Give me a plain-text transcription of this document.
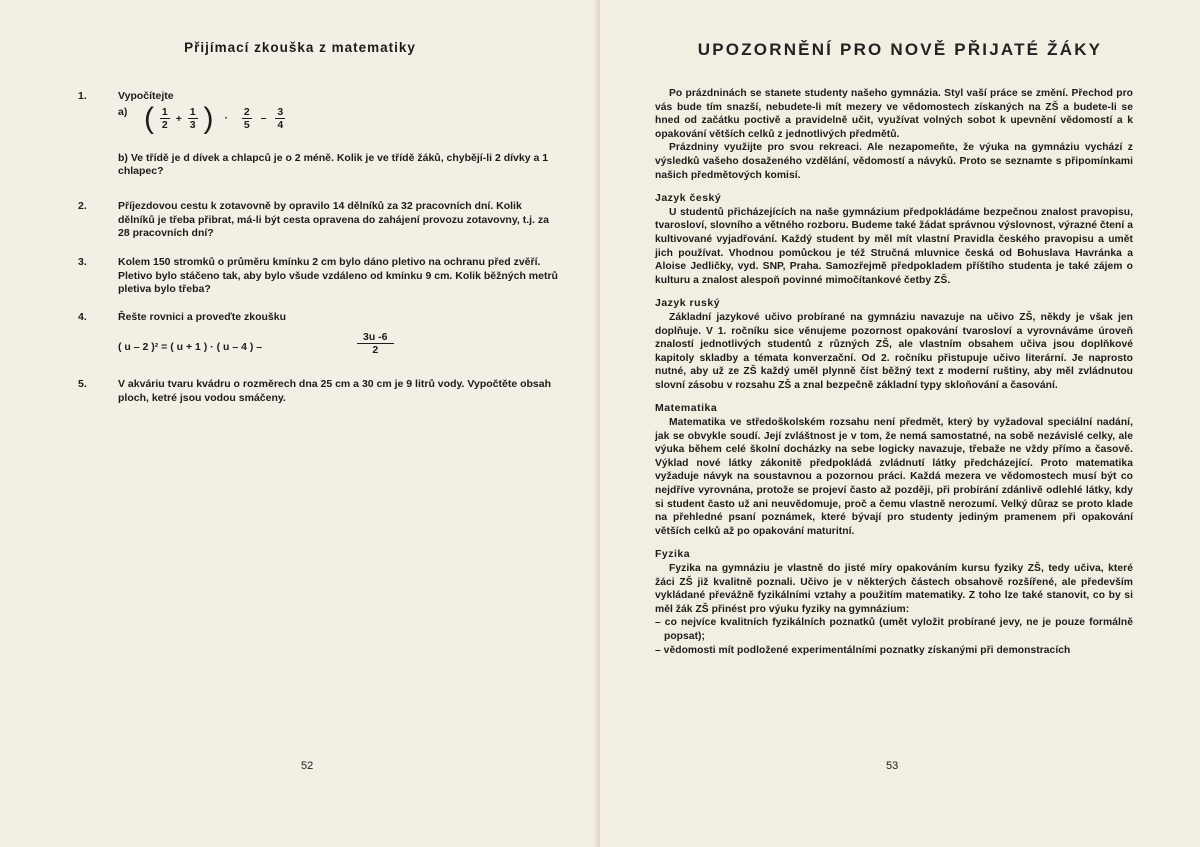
Přijímací zkouška z matematiky
1.	Vypočítejte
a) ( $\frac{1}{2} + \frac{1}{3}$ ) · $\frac{2}{5} - \frac{3}{4}$
b) Ve třídě je d dívek a chlapců je o 2 méně. Kolik je ve třídě žáků, chybějí-li 2 dívky a 1 chlapec?
2.	Příjezdovou cestu k zotavovně by opravilo 14 dělníků za 32 pracovních dní. Kolik dělníků je třeba přibrat, má-li být cesta opravena do zahájení provozu zotavovny, t.j. za 28 pracovních dní?
3.	Kolem 150 stromků o průměru kmínku 2 cm bylo dáno pletivo na ochranu před zvěří. Pletivo bylo stáčeno tak, aby bylo všude vzdáleno od kmínku 9 cm. Kolik běžných metrů pletiva bylo třeba?
4.	Řešte rovnici a proveďte zkoušku
( u – 2 )² = ( u + 1 ) · ( u – 4 ) –	$\frac{3u -6}{2}$
5.	V akváriu tvaru kvádru o rozměrech dna 25 cm a 30 cm je 9 litrů vody. Vypočtěte obsah ploch, ketré jsou vodou smáčeny.
52
UPOZORNĚNÍ PRO NOVĚ PŘIJATÉ ŽÁKY

Po prázdninách se stanete studenty našeho gymnázia. Styl vaší práce se změní. Přechod pro vás bude tím snazší, nebudete-li mít mezery ve vědomostech získaných na ZŠ a budete-li se hned od začátku poctivě a pravidelně učit, využívat volných sobot k upevnění vědomostí a k opakování větších celků z jednotlivých předmětů.

Prázdniny využijte pro svou rekreaci. Ale nezapomeňte, že výuka na gymnáziu vychází z výsledků vašeho dosaženého vzdělání, vědomostí a návyků. Proto se seznamte s připomínkami našich předmětových komisí.

Jazyk český

U studentů přicházejících na naše gymnázium předpokládáme bezpečnou znalost pravopisu, tvarosloví, slovního a větného rozboru. Budeme také žádat správnou výslovnost, výrazné čtení a kultivované vyjadřování. Každý student by měl mít vlastní Pravidla českého pravopisu a umět jich používat. Vhodnou pomůckou je též Stručná mluvnice česká od Bohuslava Havránka a Aloise Jedličky, vyd. SNP, Praha. Samozřejmě předpokladem příštího studenta je také zájem o kulturu a znalost alespoň povinné mimočítankové četby ZŠ.

Jazyk ruský

Základní jazykové učivo probírané na gymnáziu navazuje na učivo ZŠ, někdy je však jen doplňuje. V 1. ročníku sice věnujeme pozornost opakování tvarosloví a vyrovnáváme úroveň znalostí jednotlivých studentů z různých ZŠ, ale vlastním obsahem učiva jsou doplňkové kapitoly skladby a témata konverzační. Od 2. ročníku přistupuje učivo literární. Je naprosto nutné, aby už ze ZŠ každý uměl plynně číst běžný text z moderní ruštiny, aby měl zvládnutou slovní zásobu v rozsahu ZŠ a znal bezpečně základní typy skloňování a časování.

Matematika

Matematika ve středoškolském rozsahu není předmět, který by vyžadoval speciální nadání, jak se obvykle soudí. Její zvláštnost je v tom, že nemá samostatné, na sobě nezávislé celky, ale výuka během celé školní docházky na sebe logicky navazuje, třebaže ne vždy přímo a časově. Výklad nové látky zákonitě předpokládá zvládnutí látky předcházející. Proto matematika vyžaduje návyk na soustavnou a pozornou práci. Každá mezera ve vědomostech musí být co nejdříve vyrovnána, protože se projeví často až později, při probírání zdánlivě odlehlé látky, kdy si student často už ani neuvědomuje, proč a čemu vlastně nerozumí. Velký důraz se proto klade na přehledné psaní poznámek, které bývají pro studenty jediným pramenem při opakování větších celků až po opakování maturitní.

Fyzika

Fyzika na gymnáziu je vlastně do jisté míry opakováním kursu fyziky ZŠ, tedy učiva, které žáci ZŠ již kvalitně poznali. Učivo je v některých částech obsahově rozšířené, ale především vykládané převážně fyzikálními vztahy a použitím matematiky. Z toho lze také stanovit, co by si měl žák ZŠ přinést pro výuku fyziky na gymnázium:

– co nejvíce kvalitních fyzikálních poznatků (umět vyložit probírané jevy, ne je pouze formálně popsat);
– vědomosti mít podložené experimentálními poznatky získanými při demonstracích
53
